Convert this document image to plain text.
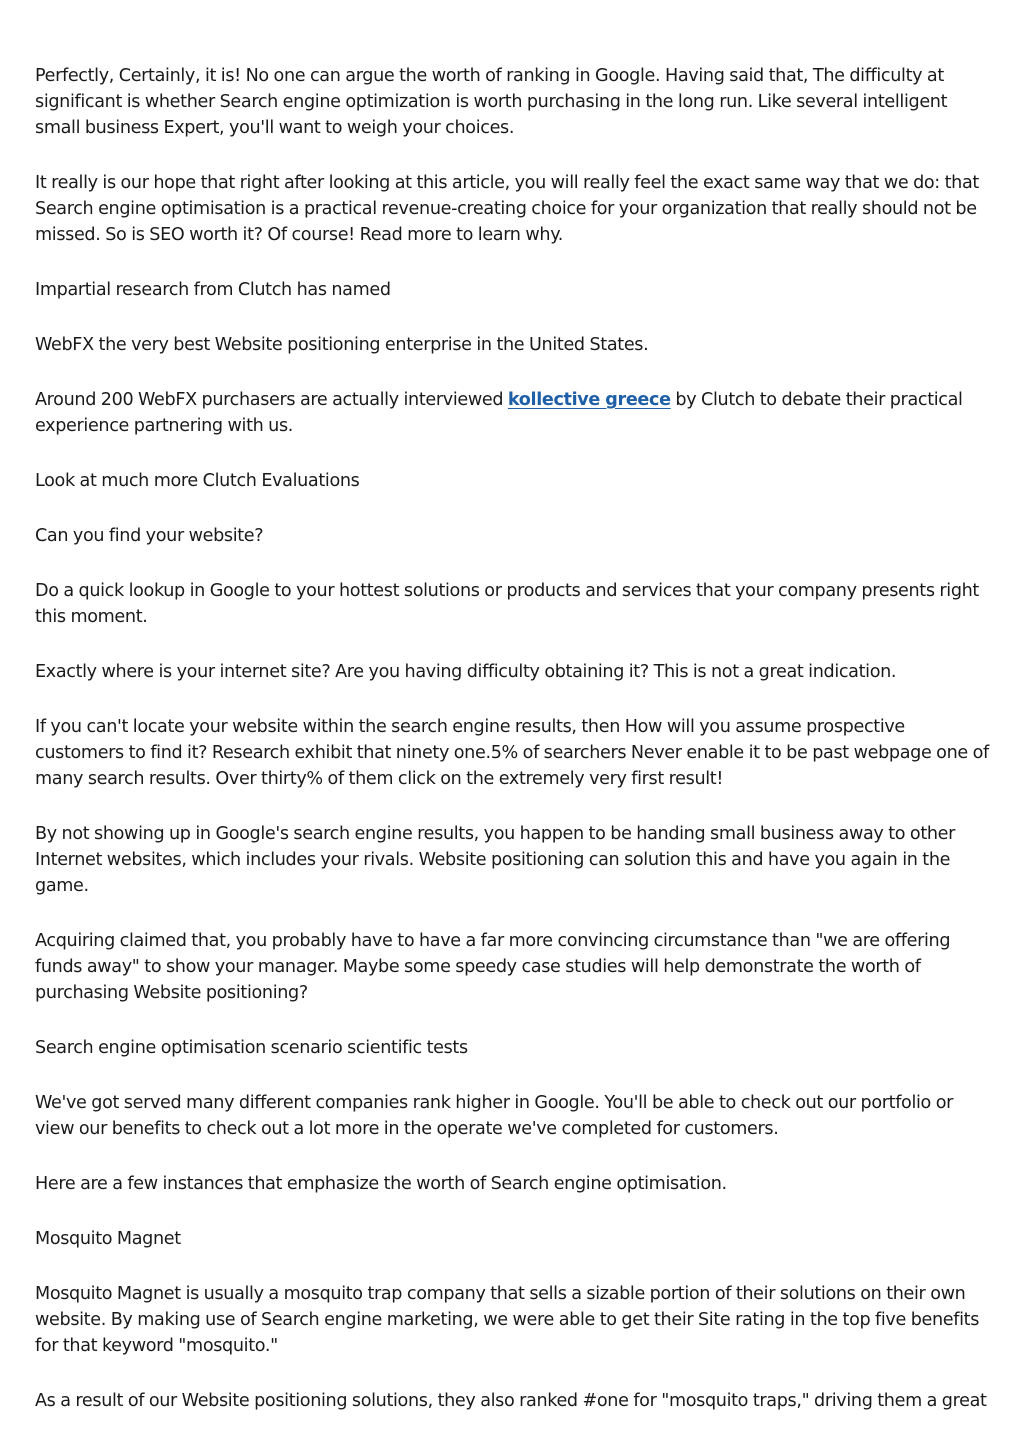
Perfectly, Certainly, it is! No one can argue the worth of ranking in Google. Having said that, The difficulty at significant is whether Search engine optimization is worth purchasing in the long run. Like several intelligent small business Expert, you'll want to weigh your choices.

It really is our hope that right after looking at this article, you will really feel the exact same way that we do: that Search engine optimisation is a practical revenue-creating choice for your organization that really should not be missed. So is SEO worth it? Of course! Read more to learn why.

Impartial research from Clutch has named

WebFX the very best Website positioning enterprise in the United States.

Around 200 WebFX purchasers are actually interviewed kollective greece by Clutch to debate their practical experience partnering with us.

Look at much more Clutch Evaluations

Can you find your website?

Do a quick lookup in Google to your hottest solutions or products and services that your company presents right this moment.

Exactly where is your internet site? Are you having difficulty obtaining it? This is not a great indication.

If you can't locate your website within the search engine results, then How will you assume prospective customers to find it? Research exhibit that ninety one.5% of searchers Never enable it to be past webpage one of many search results. Over thirty% of them click on the extremely very first result!

By not showing up in Google's search engine results, you happen to be handing small business away to other Internet websites, which includes your rivals. Website positioning can solution this and have you again in the game.

Acquiring claimed that, you probably have to have a far more convincing circumstance than "we are offering funds away" to show your manager. Maybe some speedy case studies will help demonstrate the worth of purchasing Website positioning?

Search engine optimisation scenario scientific tests

We've got served many different companies rank higher in Google. You'll be able to check out our portfolio or view our benefits to check out a lot more in the operate we've completed for customers.

Here are a few instances that emphasize the worth of Search engine optimisation.

Mosquito Magnet

Mosquito Magnet is usually a mosquito trap company that sells a sizable portion of their solutions on their own website. By making use of Search engine marketing, we were able to get their Site rating in the top five benefits for that keyword "mosquito."

As a result of our Website positioning solutions, they also ranked #one for "mosquito traps," driving them a great
